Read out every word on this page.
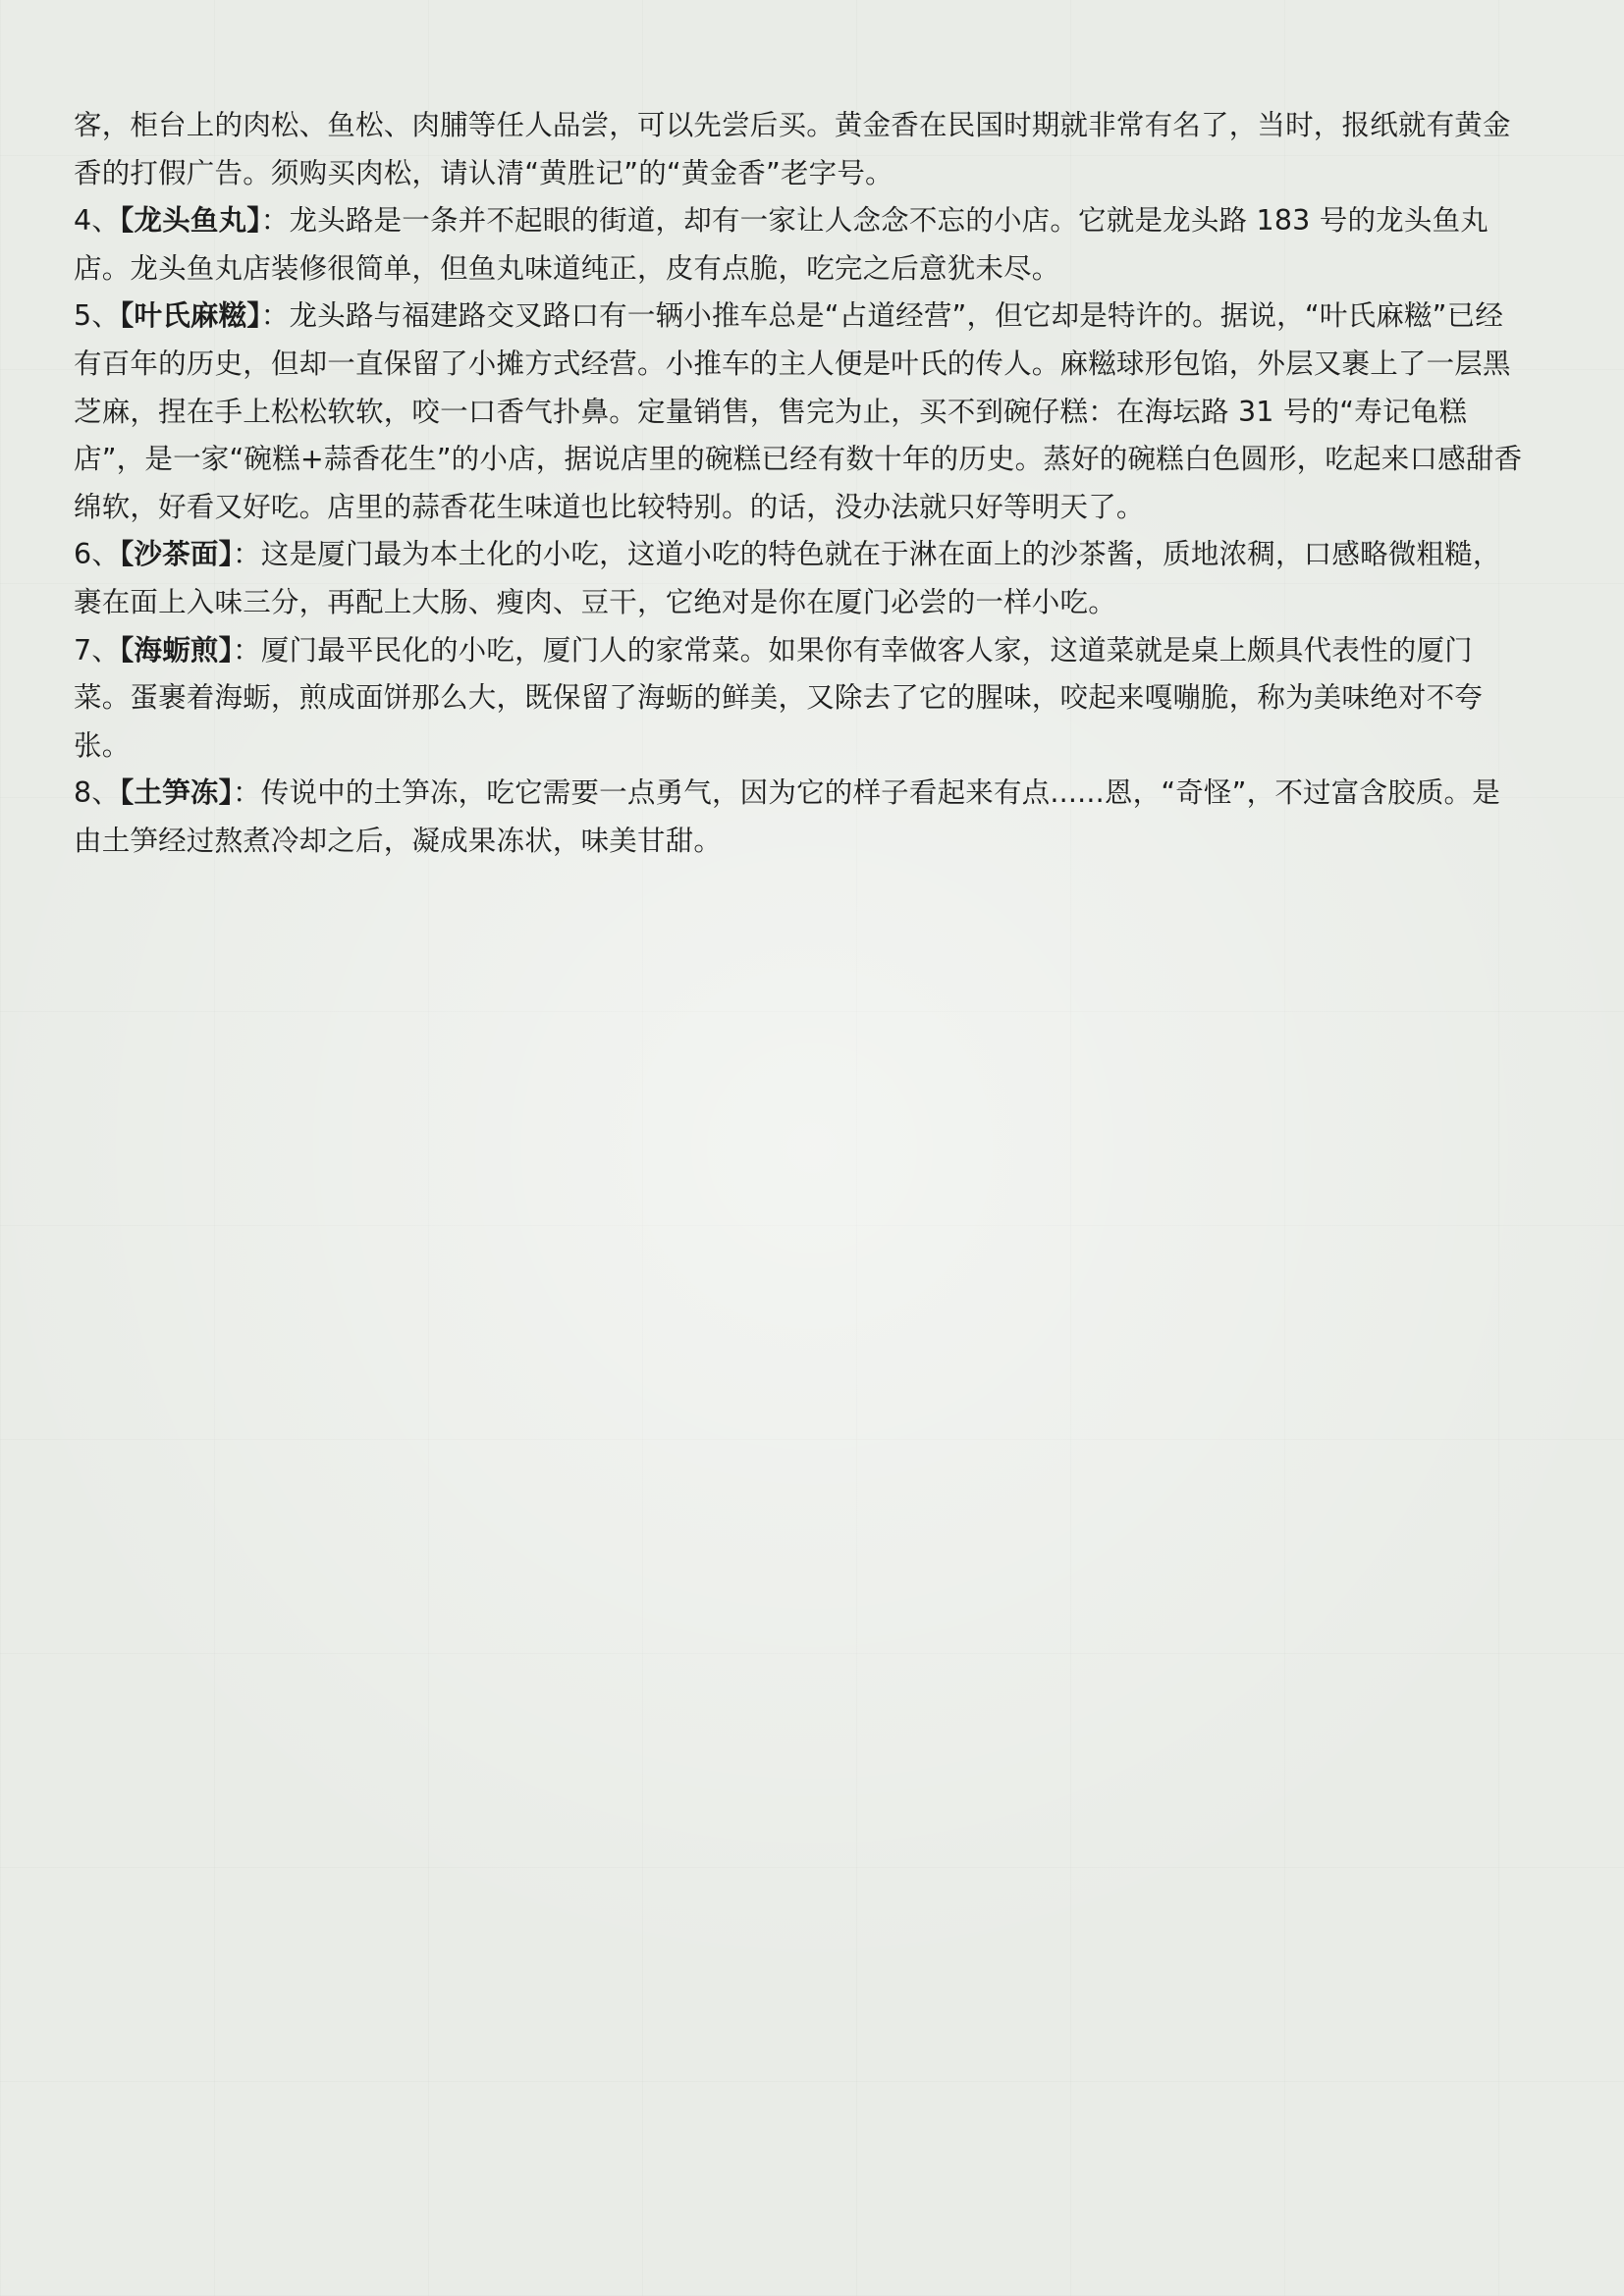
客，柜台上的肉松、鱼松、肉脯等任人品尝，可以先尝后买。黄金香在民国时期就非常有名了，当时，报纸就有黄金香的打假广告。须购买肉松，请认清“黄胜记”的“黄金香”老字号。

4、【龙头鱼丸】：龙头路是一条并不起眼的街道，却有一家让人念念不忘的小店。它就是龙头路 183 号的龙头鱼丸店。龙头鱼丸店装修很简单，但鱼丸味道纯正，皮有点脆，吃完之后意犹未尽。

5、【叶氏麻糍】：龙头路与福建路交叉路口有一辆小推车总是“占道经营”，但它却是特许的。据说，“叶氏麻糍”已经有百年的历史，但却一直保留了小摊方式经营。小推车的主人便是叶氏的传人。麻糍球形包馅，外层又裹上了一层黑芝麻，捏在手上松松软软，咬一口香气扑鼻。定量销售，售完为止，买不到碗仔糕：在海坛路 31 号的“寿记龟糕店”，是一家“碗糕+蒜香花生”的小店，据说店里的碗糕已经有数十年的历史。蒸好的碗糕白色圆形，吃起来口感甜香绵软，好看又好吃。店里的蒜香花生味道也比较特别。的话，没办法就只好等明天了。

6、【沙茶面】：这是厦门最为本土化的小吃，这道小吃的特色就在于淋在面上的沙茶酱，质地浓稠，口感略微粗糙，裹在面上入味三分，再配上大肠、瘦肉、豆干，它绝对是你在厦门必尝的一样小吃。

7、【海蛎煎】：厦门最平民化的小吃，厦门人的家常菜。如果你有幸做客人家，这道菜就是桌上颇具代表性的厦门菜。蛋裹着海蛎，煎成面饼那么大，既保留了海蛎的鲜美，又除去了它的腥味，咬起来嘎嘣脆，称为美味绝对不夸张。

8、【土笋冻】：传说中的土笋冻，吃它需要一点勇气，因为它的样子看起来有点......恩，“奇怪”，不过富含胶质。是由土笋经过熬煮冷却之后，凝成果冻状，味美甘甜。
